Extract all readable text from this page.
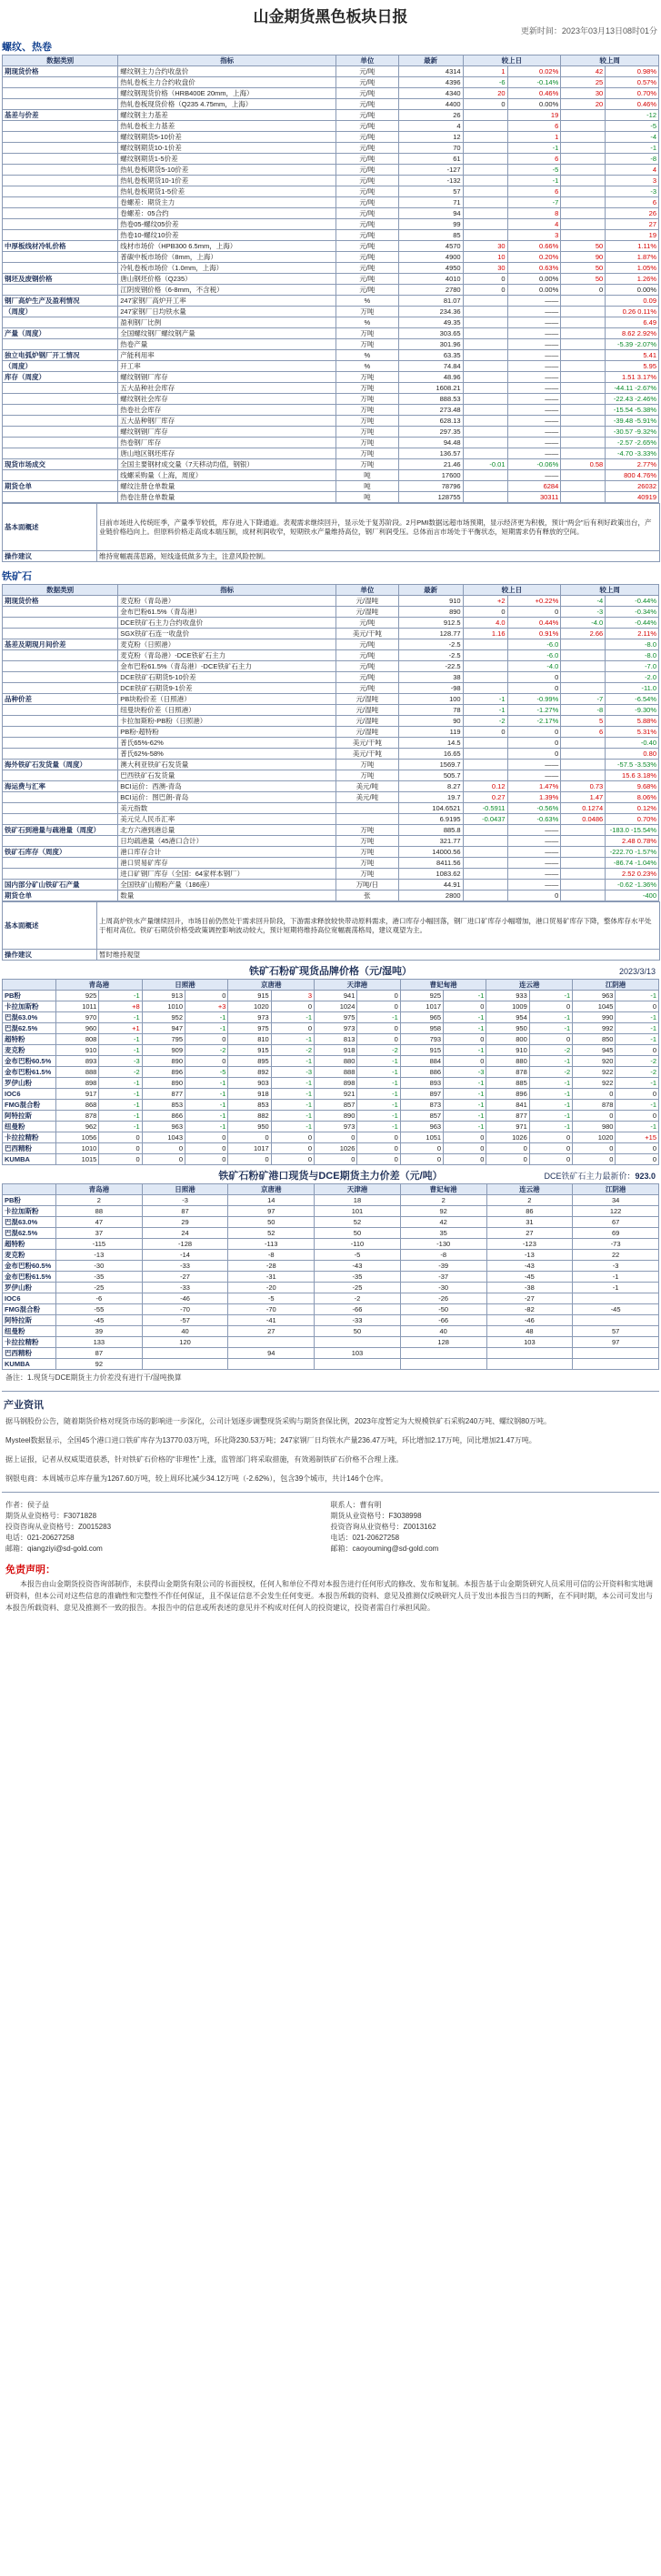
山金期货黑色板块日报
更新时间：2023年03月13日08时01分
螺纹、热卷
数据类别	指标	单位	最新	较上日		较上周	
期现货价格	螺纹钢主力合约收盘价	元/吨	4314	1	0.02%	42	0.98%
	热轧卷板主力合约收盘价	元/吨	4396	-6	-0.14%	25	0.57%
	螺纹钢现货价格（HRB400E 20mm，上海）	元/吨	4340	20	0.46%	30	0.70%
	热轧卷板现货价格（Q235 4.75mm，上海）	元/吨	4400	0	0.00%	20	0.46%
基差与价差	螺纹钢主力基差	元/吨	26		19		-12
	热轧卷板主力基差	元/吨	4		6		-5
	螺纹钢期货5-10价差	元/吨	12		1		-4
	螺纹钢期货10-1价差	元/吨	70		-1		-1
	螺纹钢期货1-5价差	元/吨	61		6		-8
	热轧卷板期货5-10价差	元/吨	-127		-5		4
	热轧卷板期货10-1价差	元/吨	-132		-1		3
	热轧卷板期货1-5价差	元/吨	57		6		-3
	卷螺差：期货主力	元/吨	71		-7		6
	卷螺差：05合约	元/吨	94		8		26
	热卷05-螺纹05价差	元/吨	99		4		27
	热卷10-螺纹10价差	元/吨	85		3		19
中厚板线材冷轧价格	线材市场价（HPB300 6.5mm，上海）	元/吨	4570	30	0.66%	50	1.11%
	普碳中板市场价（8mm，上海）	元/吨	4900	10	0.20%	90	1.87%
	冷轧卷板市场价（1.0mm，上海）	元/吨	4950	30	0.63%	50	1.05%
钢坯及废钢价格	唐山钢坯价格（Q235）	元/吨	4010	0	0.00%	50	1.26%
	江阴废钢价格（6-8mm，不含税）	元/吨	2780	0	0.00%	0	0.00%
钢厂高炉生产及盈利情况	247家钢厂高炉开工率	%	81.07		——		0.09
（周度）	247家钢厂日均铁水量	万吨	234.36		——		0.26 0.11%
	盈利钢厂比例	%	49.35		——		6.49
产量（周度）	全国螺纹钢厂螺纹钢产量	万吨	303.65		——		8.62 2.92%
	热卷产量	万吨	301.96		——		-5.39 -2.07%
独立电弧炉钢厂开工情况	产能利用率	%	63.35		——		5.41
（周度）	开工率	%	74.84		——		5.95
库存（周度）	螺纹钢钢厂库存	万吨	48.96		——		1.51 3.17%
	五大品种社会库存	万吨	1608.21		——		-44.11 -2.67%
	螺纹钢社会库存	万吨	888.53		——		-22.43 -2.46%
	热卷社会库存	万吨	273.48		——		-15.54 -5.38%
	五大品种钢厂库存	万吨	628.13		——		-39.48 -5.91%
	螺纹钢钢厂库存	万吨	297.35		——		-30.57 -9.32%
	热卷钢厂库存	万吨	94.48		——		-2.57 -2.65%
	唐山地区钢坯库存	万吨	136.57		——		-4.70 -3.33%
现货市场成交	全国主要钢材成交量（7天移动均值，钢银）	万吨	21.46	-0.01	-0.06%	0.58	2.77%
	线螺采购量（上海，周度）	吨	17600		——		800 4.76%
期货仓单	螺纹注册仓单数量	吨	78796		6284		26032
	热卷注册仓单数量	吨	128755		30311		40919
基本面概述	目前市场进入传统旺季，产量季节较低，库存进入下降通道。表观需求继续回升，显示处于复苏阶段。2月PMI数据远超市场预期，显示经济更为积极，预计“两会”后有利好政策出台，产业链价格趋向上。但原料价格走高成本端压制，成材利润收窄，短期铁水产量维持高位，钢厂利润受压。总体而言市场处于平衡状态，短期需求仍有释放的空间。
操作建议	维持宽幅震荡思路，短线逢低做多为主，注意风险控制。
铁矿石
数据类别	指标	单位	最新	较上日		较上周	
期现货价格	麦克粉（青岛港）	元/湿吨	910	+2	+0.22%	-4	-0.44%
	金布巴粉61.5%（青岛港）	元/湿吨	890	0	0	-3	-0.34%
	DCE铁矿石主力合约收盘价	元/吨	912.5	4.0	0.44%	-4.0	-0.44%
	SGX铁矿石连一收盘价	美元/干吨	128.77	1.16	0.91%	2.66	2.11%
基差及期现月间价差	麦克粉（日照港）	元/吨	-2.5		-6.0		-8.0
	麦克粉（青岛港）-DCE铁矿石主力	元/吨	-2.5		-6.0		-8.0
	金布巴粉61.5%（青岛港）-DCE铁矿石主力	元/吨	-22.5		-4.0		-7.0
	DCE铁矿石期货5-10价差	元/吨	38		0		-2.0
	DCE铁矿石期货9-1价差	元/吨	-98		0		-11.0
品种价差	PB块粉价差（日照港）	元/湿吨	100	-1	-0.99%	-7	-6.54%
	纽曼块粉价差（日照港）	元/湿吨	78	-1	-1.27%	-8	-9.30%
	卡拉加斯粉-PB粉（日照港）	元/湿吨	90	-2	-2.17%	5	5.88%
	PB粉-超特粉	元/湿吨	119	0	0	6	5.31%
	普氏65%-62%	美元/干吨	14.5		0		-0.40
	普氏62%-58%	美元/干吨	16.65		0		0.80
海外铁矿石发货量（周度）	澳大利亚铁矿石发货量	万吨	1569.7		——		-57.5 -3.53%
	巴西铁矿石发货量	万吨	505.7		——		15.6 3.18%
海运费与汇率	BCI运价：西澳-青岛	美元/吨	8.27	0.12	1.47%	0.73	9.68%
	BCI运价：图巴朗-青岛	美元/吨	19.7	0.27	1.39%	1.47	8.06%
	美元指数		104.6521	-0.5911	-0.56%	0.1274	0.12%
	美元兑人民币汇率		6.9195	-0.0437	-0.63%	0.0486	0.70%
铁矿石到港量与疏港量（周度）	北方六港到港总量	万吨	885.8		——		-183.0 -15.54%
	日均疏港量（45港口合计）	万吨	321.77		——		2.48 0.78%
铁矿石库存（周度）	港口库存合计	万吨	14000.56		——		-222.70 -1.57%
	港口贸易矿库存	万吨	8411.56		——		-86.74 -1.04%
	进口矿钢厂库存（全国：64家样本钢厂）	万吨	1083.62		——		2.52 0.23%
国内部分矿山铁矿石产量	全国铁矿山精粉产量（186座）	万吨/日	44.91		——		-0.62 -1.36%
期货仓单	数量	张	2800		0		-400
基本面概述	上周高炉铁水产量继续回升，市场目前仍然处于需求回升阶段，下游需求释放较快带动原料需求，港口库存小幅回落，钢厂进口矿库存小幅增加，港口贸易矿库存下降，整体库存水平处于相对高位。铁矿石期货价格受政策调控影响波动较大，预计短期将维持高位宽幅震荡格局，建议观望为主。
操作建议	暂时维持观望
铁矿石粉矿现货品牌价格（元/湿吨）	2023/3/13
	青岛港		日照港		京唐港		天津港		曹妃甸港		连云港		江阴港	
PB粉	925	-1	913	0	915	3	941	0	925	-1	933	-1	963	-1
卡拉加斯粉	1011	+8	1010	+3	1020	0	1024	0	1017	0	1009	0	1045	0
巴混63.0%	970	-1	952	-1	973	-1	975	-1	965	-1	954	-1	990	-1
巴混62.5%	960	+1	947	-1	975	0	973	0	958	-1	950	-1	992	-1
超特粉	808	-1	795	0	810	-1	813	0	793	0	800	0	850	-1
麦克粉	910	-1	909	-2	915	-2	918	-2	915	-1	910	-2	945	0
金布巴粉60.5%	893	-3	890	0	895	-1	880	-1	884	0	880	-1	920	-2
金布巴粉61.5%	888	-2	896	-5	892	-3	888	-1	886	-3	878	-2	922	-2
罗伊山粉	898	-1	890	-1	903	-1	898	-1	893	-1	885	-1	922	-1
IOC6	917	-1	877	-1	918	-1	921	-1	897	-1	896	-1	0	0
FMG混合粉	868	-1	853	-1	853	-1	857	-1	873	-1	841	-1	878	-1
阿特拉斯	878	-1	866	-1	882	-1	890	-1	857	-1	877	-1	0	0
纽曼粉	962	-1	963	-1	950	-1	973	-1	963	-1	971	-1	980	-1
卡拉拉精粉	1056	0	1043	0	0	0	0	0	1051	0	1026	0	1020	+15
巴西精粉	1010	0	0	0	1017	0	1026	0	0	0	0	0	0	0
KUMBA	1015	0	0	0	0	0	0	0	0	0	0	0	0	0
铁矿石粉矿港口现货与DCE期货主力价差（元/吨）	DCE铁矿石主力最新价：923.0
	青岛港	日照港	京唐港	天津港	曹妃甸港	连云港	江阴港
PB粉	2	-3	14	18	2	2	34
卡拉加斯粉	88	87	97	101	92	86	122
巴混63.0%	47	29	50	52	42	31	67
巴混62.5%	37	24	52	50	35	27	69
超特粉	-115	-128	-113	-110	-130	-123	-73
麦克粉	-13	-14	-8	-5	-8	-13	22
金布巴粉60.5%	-30	-33	-28	-43	-39	-43	-3
金布巴粉61.5%	-35	-27	-31	-35	-37	-45	-1
罗伊山粉	-25	-33	-20	-25	-30	-38	-1
IOC6	-6	-46	-5	-2	-26	-27	
FMG混合粉	-55	-70	-70	-66	-50	-82	-45
阿特拉斯	-45	-57	-41	-33	-66	-46	
纽曼粉	39	40	27	50	40	48	57
卡拉拉精粉	133	120			128	103	97
巴西精粉	87		94	103			
KUMBA	92						
备注：1.现货与DCE期货主力价差没有进行干/湿吨换算
产业资讯
据马钢股份公告，随着期货价格对现货市场的影响进一步深化，公司计划逐步调整现货采购与期货套保比例，2023年度暂定为大规模铁矿石采购240万吨、螺纹钢80万吨。
Mysteel数据显示，全国45个港口进口铁矿库存为13770.03万吨，环比降230.53万吨；247家钢厂日均铁水产量236.47万吨，环比增加2.17万吨，同比增加21.47万吨。
据上证报，记者从权威渠道获悉，针对铁矿石价格的“非理性”上涨，监管部门将采取措施，有效遏制铁矿石价格不合理上涨。
钢银电商：本周城市总库存量为1267.60万吨，较上周环比减少34.12万吨（-2.62%），包含39个城市，共计146个仓库。
作者：侯子益
期货从业资格号：F3071828
投资咨询从业资格号：Z0015283
电话：021-20627258
邮箱：qiangziyi@sd-gold.com
联系人：曹有明
期货从业资格号：F3038998
投资咨询从业资格号：Z0013162
电话：021-20627258
邮箱：caoyouming@sd-gold.com
免责声明：
本报告由山金期货投资咨询部制作，未获得山金期货有限公司的书面授权，任何人和单位不得对本报告进行任何形式的修改、发布和复制。本报告基于山金期货研究人员采用可信的公开资料和实地调研资料，但本公司对这些信息的准确性和完整性不作任何保证，且不保证信息不会发生任何变更。本报告所载的资料、意见及推测仅反映研究人员于发出本报告当日的判断，在不同时期，本公司可发出与本报告所载资料、意见及推测不一致的报告。本报告中的信息或所表述的意见并不构成对任何人的投资建议，投资者需自行承担风险。
